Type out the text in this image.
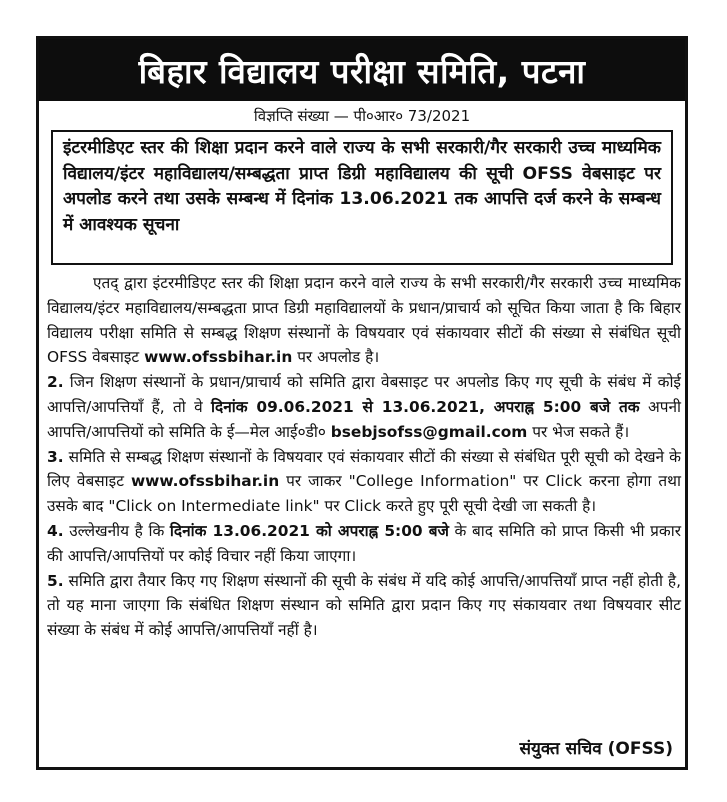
बिहार विद्यालय परीक्षा समिति, पटना
विज्ञप्ति संख्या — पी०आर० 73/2021
इंटरमीडिएट स्तर की शिक्षा प्रदान करने वाले राज्य के सभी सरकारी/गैर सरकारी उच्च माध्यमिक विद्यालय/इंटर महाविद्यालय/सम्बद्धता प्राप्त डिग्री महाविद्यालय की सूची OFSS वेबसाइट पर अपलोड करने तथा उसके सम्बन्ध में दिनांक 13.06.2021 तक आपत्ति दर्ज करने के सम्बन्ध में आवश्यक सूचना

एतद् द्वारा इंटरमीडिएट स्तर की शिक्षा प्रदान करने वाले राज्य के सभी सरकारी/गैर सरकारी उच्च माध्यमिक विद्यालय/इंटर महाविद्यालय/सम्बद्धता प्राप्त डिग्री महाविद्यालयों के प्रधान/प्राचार्य को सूचित किया जाता है कि बिहार विद्यालय परीक्षा समिति से सम्बद्ध शिक्षण संस्थानों के विषयवार एवं संकायवार सीटों की संख्या से संबंधित सूची OFSS वेबसाइट www.ofssbihar.in पर अपलोड है।

2. जिन शिक्षण संस्थानों के प्रधान/प्राचार्य को समिति द्वारा वेबसाइट पर अपलोड किए गए सूची के संबंध में कोई आपत्ति/आपत्तियाँ हैं, तो वे दिनांक 09.06.2021 से 13.06.2021, अपराह्न 5:00 बजे तक अपनी आपत्ति/आपत्तियों को समिति के ई—मेल आई०डी० bsebjsofss@gmail.com पर भेज सकते हैं।

3. समिति से सम्बद्ध शिक्षण संस्थानों के विषयवार एवं संकायवार सीटों की संख्या से संबंधित पूरी सूची को देखने के लिए वेबसाइट www.ofssbihar.in पर जाकर "College Information" पर Click करना होगा तथा उसके बाद "Click on Intermediate link" पर Click करते हुए पूरी सूची देखी जा सकती है।

4. उल्लेखनीय है कि दिनांक 13.06.2021 को अपराह्न 5:00 बजे के बाद समिति को प्राप्त किसी भी प्रकार की आपत्ति/आपत्तियों पर कोई विचार नहीं किया जाएगा।

5. समिति द्वारा तैयार किए गए शिक्षण संस्थानों की सूची के संबंध में यदि कोई आपत्ति/आपत्तियाँ प्राप्त नहीं होती है, तो यह माना जाएगा कि संबंधित शिक्षण संस्थान को समिति द्वारा प्रदान किए गए संकायवार तथा विषयवार सीट संख्या के संबंध में कोई आपत्ति/आपत्तियाँ नहीं है।

संयुक्त सचिव (OFSS)
